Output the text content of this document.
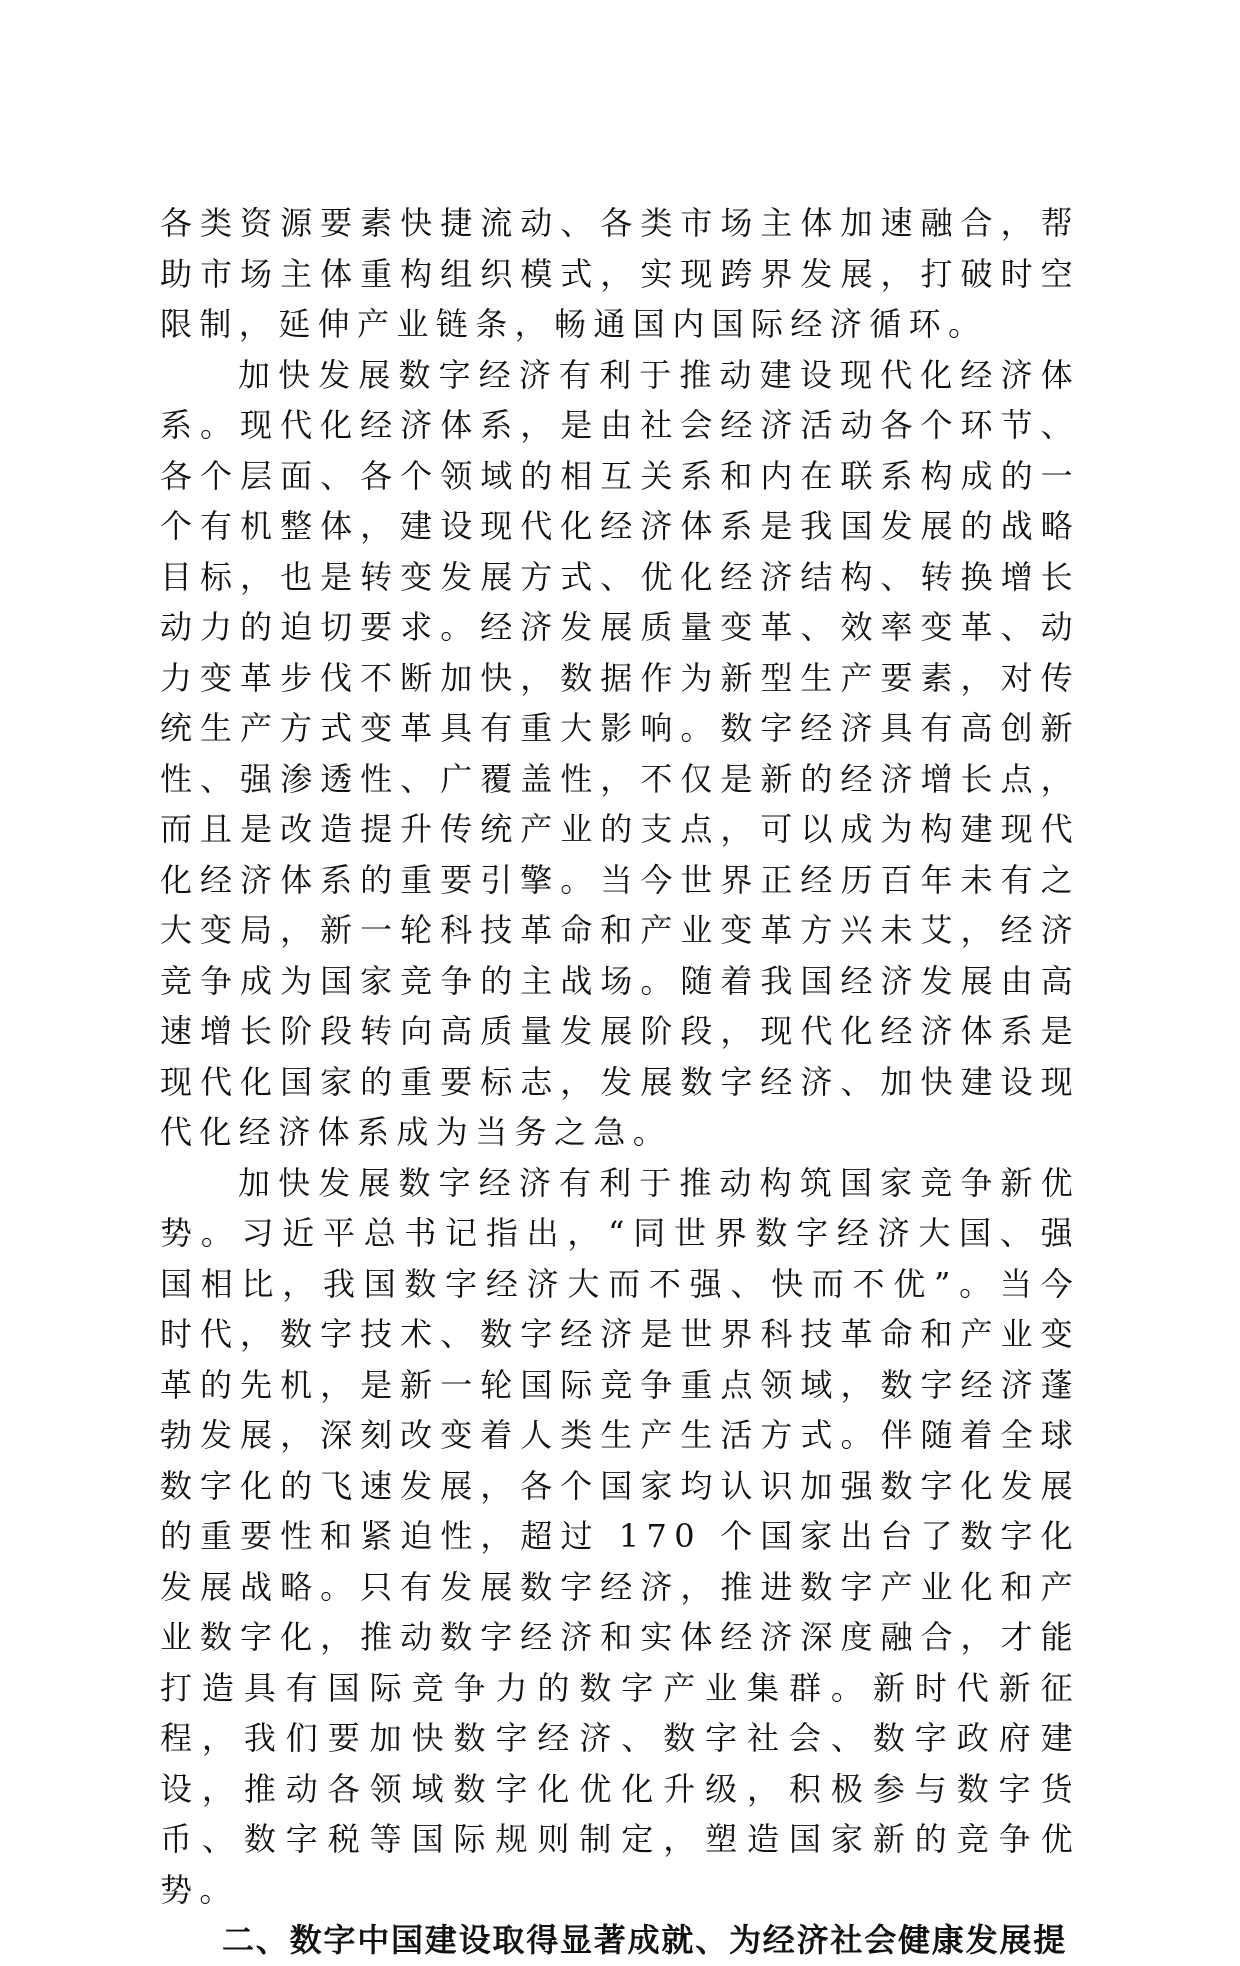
各类资源要素快捷流动、各类市场主体加速融合，帮助市场主体重构组织模式，实现跨界发展，打破时空限制，延伸产业链条，畅通国内国际经济循环。

加快发展数字经济有利于推动建设现代化经济体系。现代化经济体系，是由社会经济活动各个环节、各个层面、各个领域的相互关系和内在联系构成的一个有机整体，建设现代化经济体系是我国发展的战略目标，也是转变发展方式、优化经济结构、转换增长动力的迫切要求。经济发展质量变革、效率变革、动力变革步伐不断加快，数据作为新型生产要素，对传统生产方式变革具有重大影响。数字经济具有高创新性、强渗透性、广覆盖性，不仅是新的经济增长点，而且是改造提升传统产业的支点，可以成为构建现代化经济体系的重要引擎。当今世界正经历百年未有之大变局，新一轮科技革命和产业变革方兴未艾，经济竞争成为国家竞争的主战场。随着我国经济发展由高速增长阶段转向高质量发展阶段，现代化经济体系是现代化国家的重要标志，发展数字经济、加快建设现代化经济体系成为当务之急。

加快发展数字经济有利于推动构筑国家竞争新优势。习近平总书记指出，“同世界数字经济大国、强国相比，我国数字经济大而不强、快而不优”。当今时代，数字技术、数字经济是世界科技革命和产业变革的先机，是新一轮国际竞争重点领域，数字经济蓬勃发展，深刻改变着人类生产生活方式。伴随着全球数字化的飞速发展，各个国家均认识加强数字化发展的重要性和紧迫性，超过 170 个国家出台了数字化发展战略。只有发展数字经济，推进数字产业化和产业数字化，推动数字经济和实体经济深度融合，才能打造具有国际竞争力的数字产业集群。新时代新征程，我们要加快数字经济、数字社会、数字政府建设，推动各领域数字化优化升级，积极参与数字货币、数字税等国际规则制定，塑造国家新的竞争优势。

二、数字中国建设取得显著成就、为经济社会健康发展提
